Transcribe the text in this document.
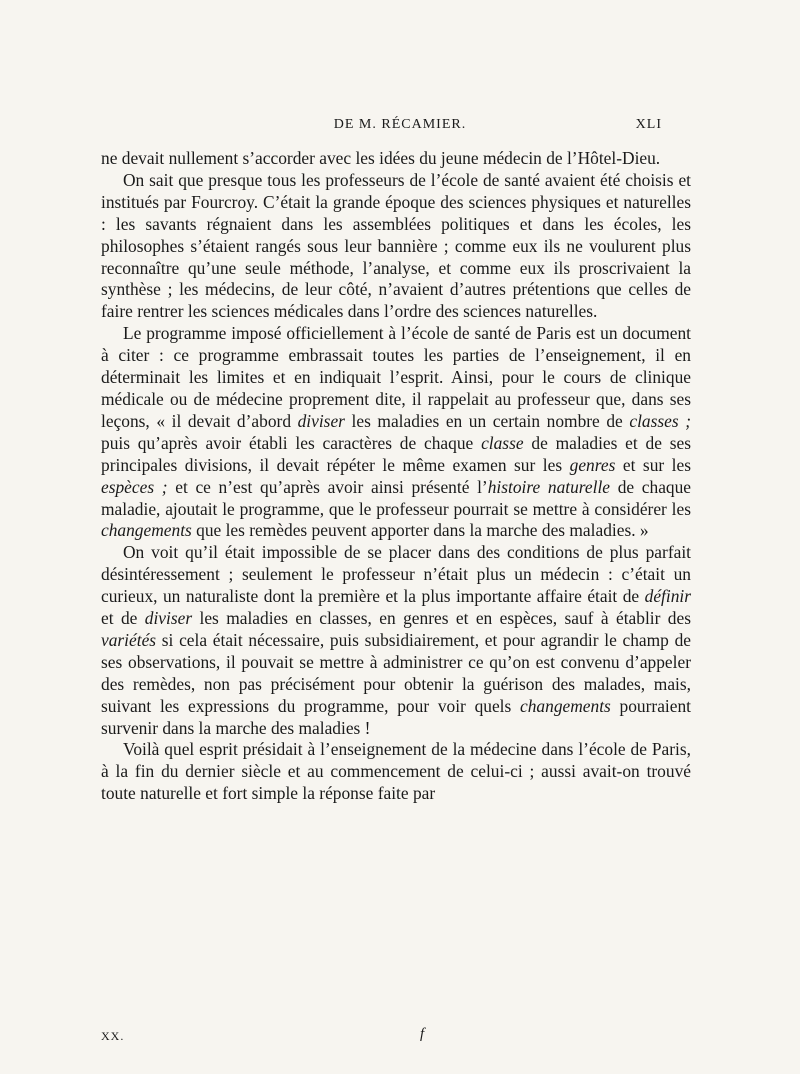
DE M. RÉCAMIER.	XLI

ne devait nullement s’accorder avec les idées du jeune médecin de l’Hôtel-Dieu.

On sait que presque tous les professeurs de l’école de santé avaient été choisis et institués par Fourcroy. C’était la grande époque des sciences physiques et naturelles : les savants régnaient dans les assemblées politiques et dans les écoles, les philosophes s’étaient rangés sous leur bannière ; comme eux ils ne voulurent plus reconnaître qu’une seule méthode, l’analyse, et comme eux ils proscrivaient la synthèse ; les médecins, de leur côté, n’avaient d’autres prétentions que celles de faire rentrer les sciences médicales dans l’ordre des sciences naturelles.

Le programme imposé officiellement à l’école de santé de Paris est un document à citer : ce programme embrassait toutes les parties de l’enseignement, il en déterminait les limites et en indiquait l’esprit. Ainsi, pour le cours de clinique médicale ou de médecine proprement dite, il rappelait au professeur que, dans ses leçons, « il devait d’abord diviser les maladies en un certain nombre de classes ; puis qu’après avoir établi les caractères de chaque classe de maladies et de ses principales divisions, il devait répéter le même examen sur les genres et sur les espèces ; et ce n’est qu’après avoir ainsi présenté l’histoire naturelle de chaque maladie, ajoutait le programme, que le professeur pourrait se mettre à considérer les changements que les remèdes peuvent apporter dans la marche des maladies. »

On voit qu’il était impossible de se placer dans des conditions de plus parfait désintéressement ; seulement le professeur n’était plus un médecin : c’était un curieux, un naturaliste dont la première et la plus importante affaire était de définir et de diviser les maladies en classes, en genres et en espèces, sauf à établir des variétés si cela était nécessaire, puis subsidiairement, et pour agrandir le champ de ses observations, il pouvait se mettre à administrer ce qu’on est convenu d’appeler des remèdes, non pas précisément pour obtenir la guérison des malades, mais, suivant les expressions du programme, pour voir quels changements pourraient survenir dans la marche des maladies !

Voilà quel esprit présidait à l’enseignement de la médecine dans l’école de Paris, à la fin du dernier siècle et au commencement de celui-ci ; aussi avait-on trouvé toute naturelle et fort simple la réponse faite par

XX.	f
